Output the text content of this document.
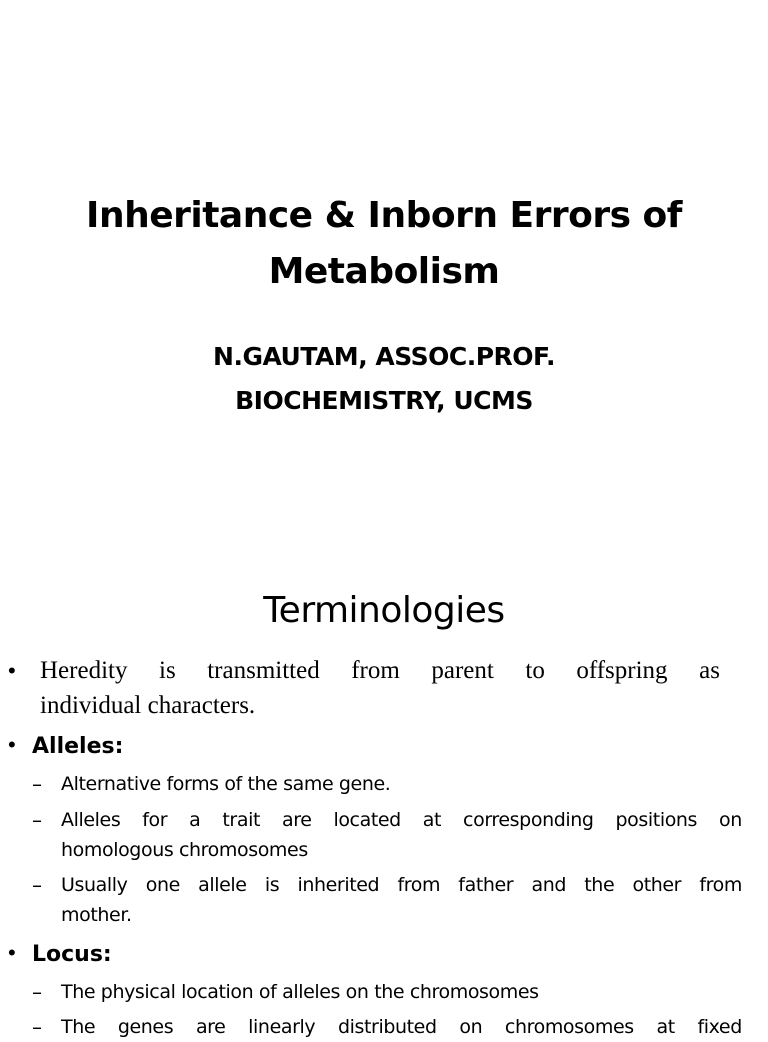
Inheritance & Inborn Errors of
Metabolism
N.GAUTAM, ASSOC.PROF.
BIOCHEMISTRY, UCMS
Terminologies
• Heredity is transmitted from parent to offspring as
individual characters.
• Alleles:
– Alternative forms of the same gene.
– Alleles for a trait are located at corresponding positions on
homologous chromosomes
– Usually one allele is inherited from father and the other from
mother.
• Locus:
– The physical location of alleles on the chromosomes
– The genes are linearly distributed on chromosomes at fixed
